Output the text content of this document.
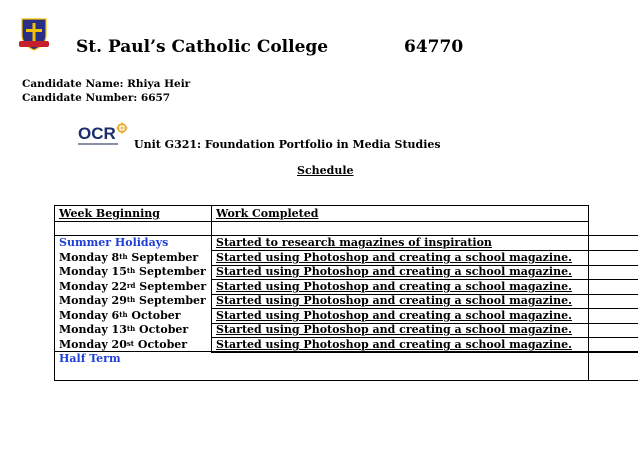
St. Paul’s Catholic College	64770
Candidate Name: Rhiya Heir
Candidate Number: 6657
OCR
Unit G321: Foundation Portfolio in Media Studies
Schedule
Week Beginning	Work Completed
Summer Holidays	Started to research magazines of inspiration
Monday 8th September Started using Photoshop and creating a school magazine.
Monday 15th September Started using Photoshop and creating a school magazine.
Monday 22rd September Started using Photoshop and creating a school magazine.
Monday 29th September Started using Photoshop and creating a school magazine.
Monday 6th October	Started using Photoshop and creating a school magazine.
Monday 13th October	Started using Photoshop and creating a school magazine.
Monday 20st October	Started using Photoshop and creating a school magazine.
Half Term
